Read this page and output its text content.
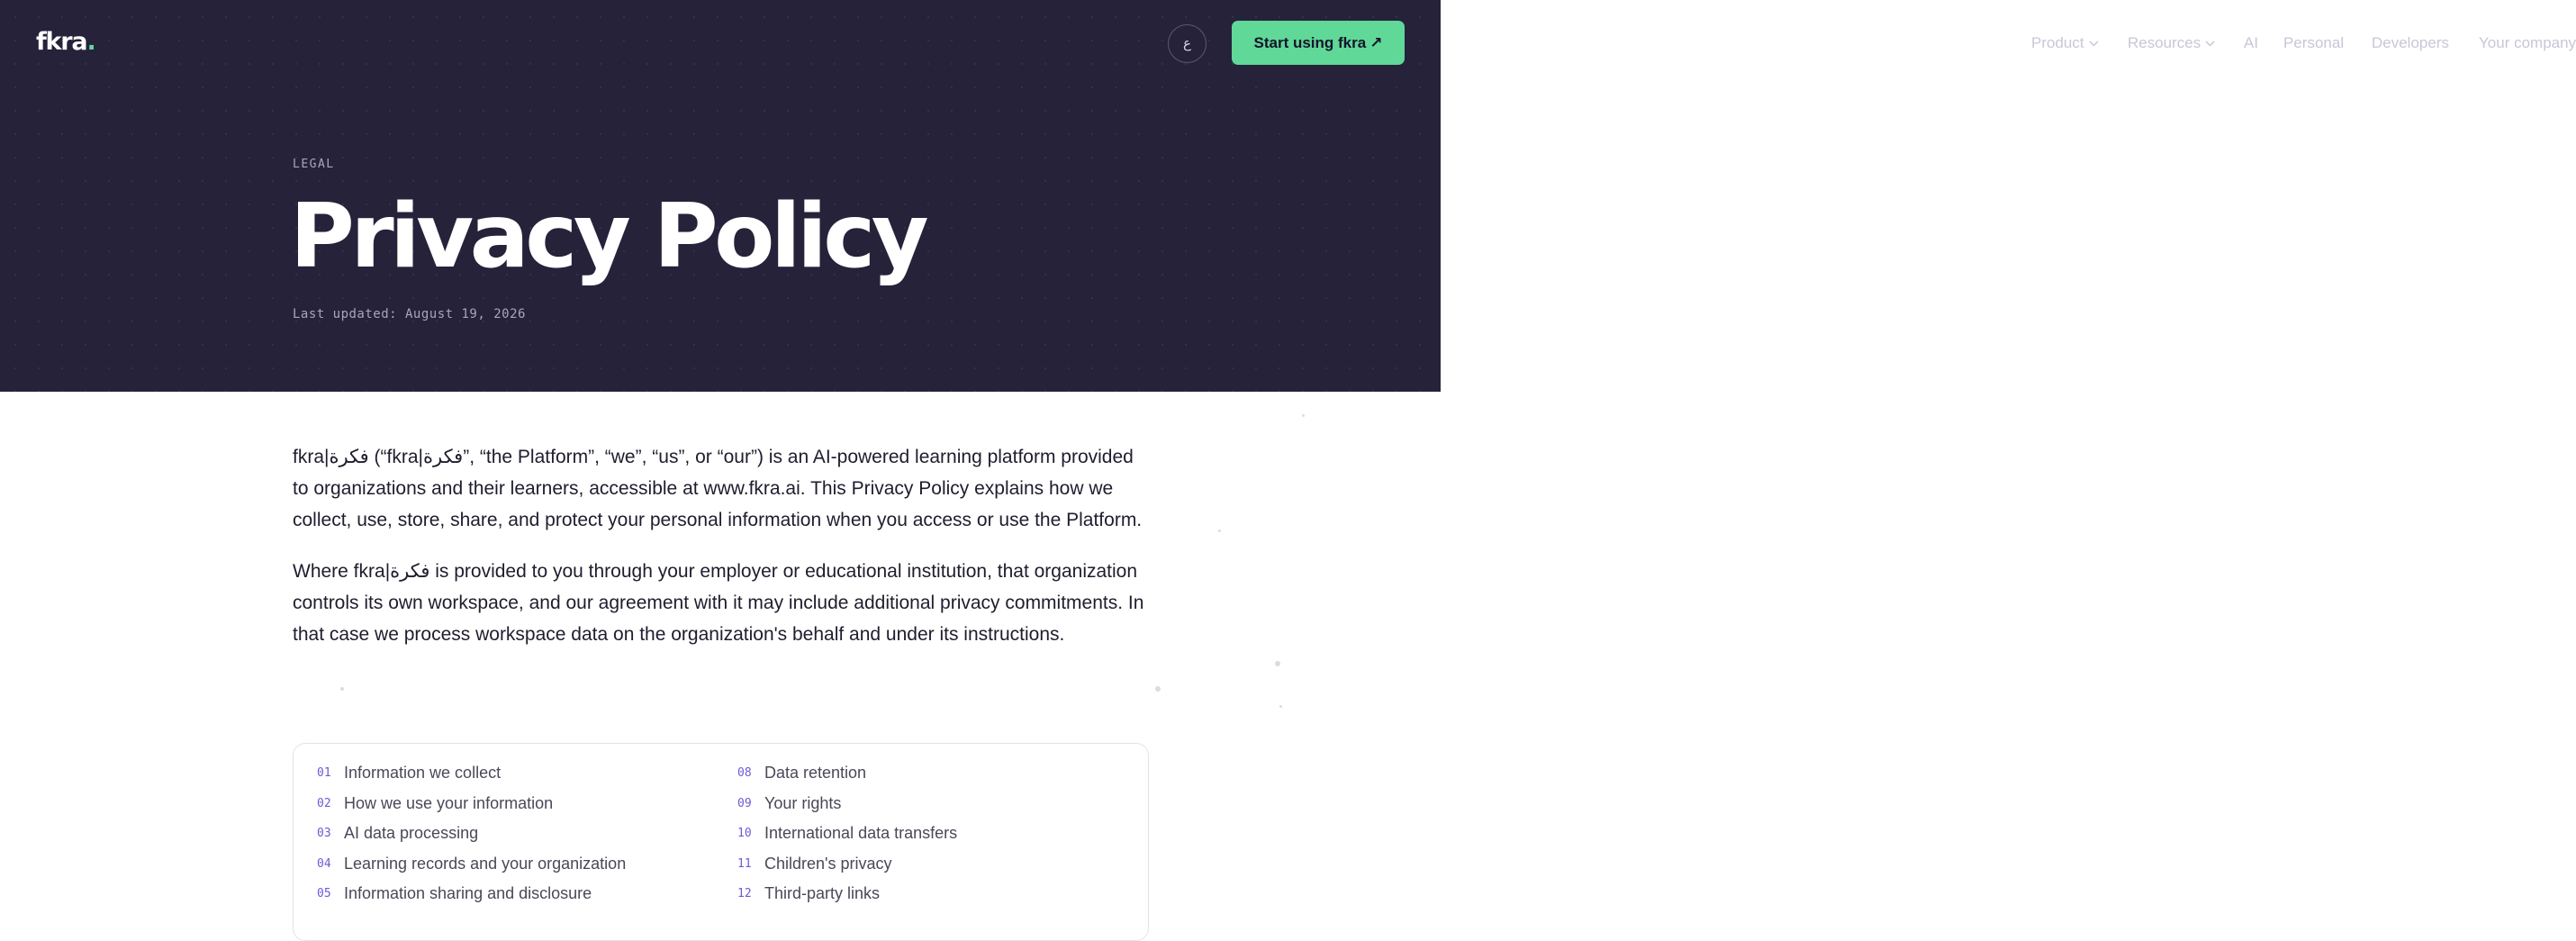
fkra.	Product	Resources	AI Personal Developers Your company
ع	Start using fkra ↗
LEGAL
Privacy Policy
Last updated: August 19, 2026

fkra|فكرة (“fkra|فكرة”, “the Platform”, “we”, “us”, or “our”) is an AI-powered learning platform provided to organizations and their learners, accessible at www.fkra.ai. This Privacy Policy explains how we collect, use, store, share, and protect your personal information when you access or use the Platform.

Where fkra|فكرة is provided to you through your employer or educational institution, that organization controls its own workspace, and our agreement with it may include additional privacy commitments. In that case we process workspace data on the organization's behalf and under its instructions.

01 Information we collect
02 How we use your information
03 AI data processing
04 Learning records and your organization
05 Information sharing and disclosure
08 Data retention
09 Your rights
10 International data transfers
11 Children's privacy
12 Third-party links
